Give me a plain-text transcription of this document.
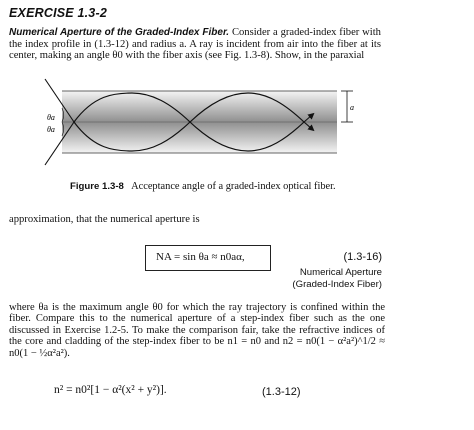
EXERCISE 1.3-2
Numerical Aperture of the Graded-Index Fiber. Consider a graded-index fiber with the index profile in (1.3-12) and radius a. A ray is incident from air into the fiber at its center, making an angle θ0 with the fiber axis (see Fig. 1.3-8). Show, in the paraxial
θa
θa
a
Figure 1.3-8 Acceptance angle of a graded-index optical fiber.
approximation, that the numerical aperture is
NA = sin θa ≈ n0aα,	(1.3-16)
Numerical Aperture
(Graded-Index Fiber)
where θa is the maximum angle θ0 for which the ray trajectory is confined within the fiber. Compare this to the numerical aperture of a step-index fiber such as the one discussed in Exercise 1.2-5. To make the comparison fair, take the refractive indices of the core and cladding of the step-index fiber to be n1 = n0 and n2 = n0(1 − α²a²)^1/2 ≈ n0(1 − ½α²a²).
n² = n0²[1 − α²(x² + y²)].	(1.3-12)
